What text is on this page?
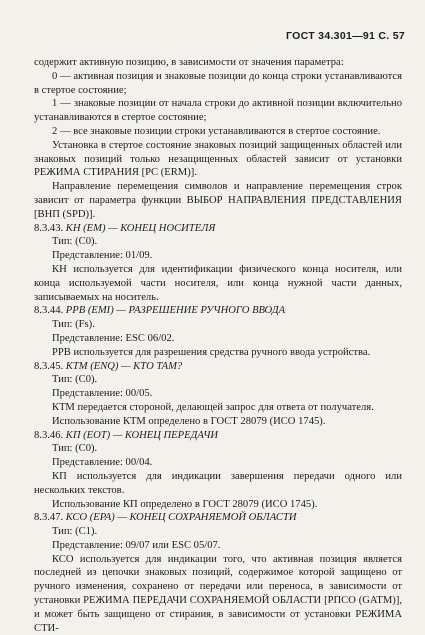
ГОСТ 34.301—91 С. 57

содержит активную позицию, в зависимости от значения параметра:

0 — активная позиция и знаковые позиции до конца строки устанавливаются в стертое состояние;

1 — знаковые позиции от начала строки до активной позиции включительно устанавливаются в стертое состояние;

2 — все знаковые позиции строки устанавливаются в стертое состояние.

Установка в стертое состояние знаковых позиций защищенных областей или знаковых позиций только незащищенных областей зависит от установки РЕЖИМА СТИРАНИЯ [PC (ERM)].

Направление перемещения символов и направление перемещения строк зависит от параметра функции ВЫБОР НАПРАВЛЕНИЯ ПРЕДСТАВЛЕНИЯ [ВНП (SPD)].

8.3.43. КН (EM) — КОНЕЦ НОСИТЕЛЯ

Тип: (C0).

Представление: 01/09.

КН используется для идентификации физического конца носителя, или конца используемой части носителя, или конца нужной части данных, записываемых на носитель.

8.3.44. РРВ (EMI) — РАЗРЕШЕНИЕ РУЧНОГО ВВОДА

Тип: (Fs).

Представление: ESC 06/02.

РРВ используется для разрешения средства ручного ввода устройства.

8.3.45. КТМ (ENQ) — КТО ТАМ?

Тип: (C0).

Представление: 00/05.

КТМ передается стороной, делающей запрос для ответа от получателя.

Использование КТМ определено в ГОСТ 28079 (ИСО 1745).

8.3.46. КП (EOT) — КОНЕЦ ПЕРЕДАЧИ

Тип: (C0).

Представление: 00/04.

КП используется для индикации завершения передачи одного или нескольких текстов.

Использование КП определено в ГОСТ 28079 (ИСО 1745).

8.3.47. КСО (EPA) — КОНЕЦ СОХРАНЯЕМОЙ ОБЛАСТИ

Тип: (C1).

Представление: 09/07 или ESC 05/07.

КСО используется для индикации того, что активная позиция является последней из цепочки знаковых позиций, содержимое которой защищено от ручного изменения, сохранено от передачи или переноса, в зависимости от установки РЕЖИМА ПЕРЕДАЧИ СОХРАНЯЕМОЙ ОБЛАСТИ [РПСО (GATM)], и может быть защищено от стирания, в зависимости от установки РЕЖИМА СТИ-
